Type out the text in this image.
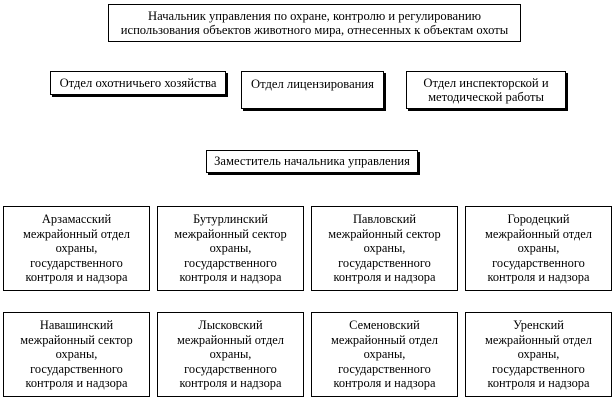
Начальник управления по охране, контролю и регулированию
использования объектов животного мира, отнесенных к объектам охоты
Отдел охотничьего хозяйства	Отдел лицензирования	Отдел инспекторской и
методической работы
Заместитель начальника управления
Арзамасский
межрайонный отдел
охраны,
государственного
контроля и надзора
Бутурлинский
межрайонный сектор
охраны,
государственного
контроля и надзора
Павловский
межрайонный сектор
охраны,
государственного
контроля и надзора
Городецкий
межрайонный отдел
охраны,
государственного
контроля и надзора
Навашинский
межрайонный сектор
охраны,
государственного
контроля и надзора
Лысковский
межрайонный отдел
охраны,
государственного
контроля и надзора
Семеновский
межрайонный отдел
охраны,
государственного
контроля и надзора
Уренский
межрайонный отдел
охраны,
государственного
контроля и надзора
